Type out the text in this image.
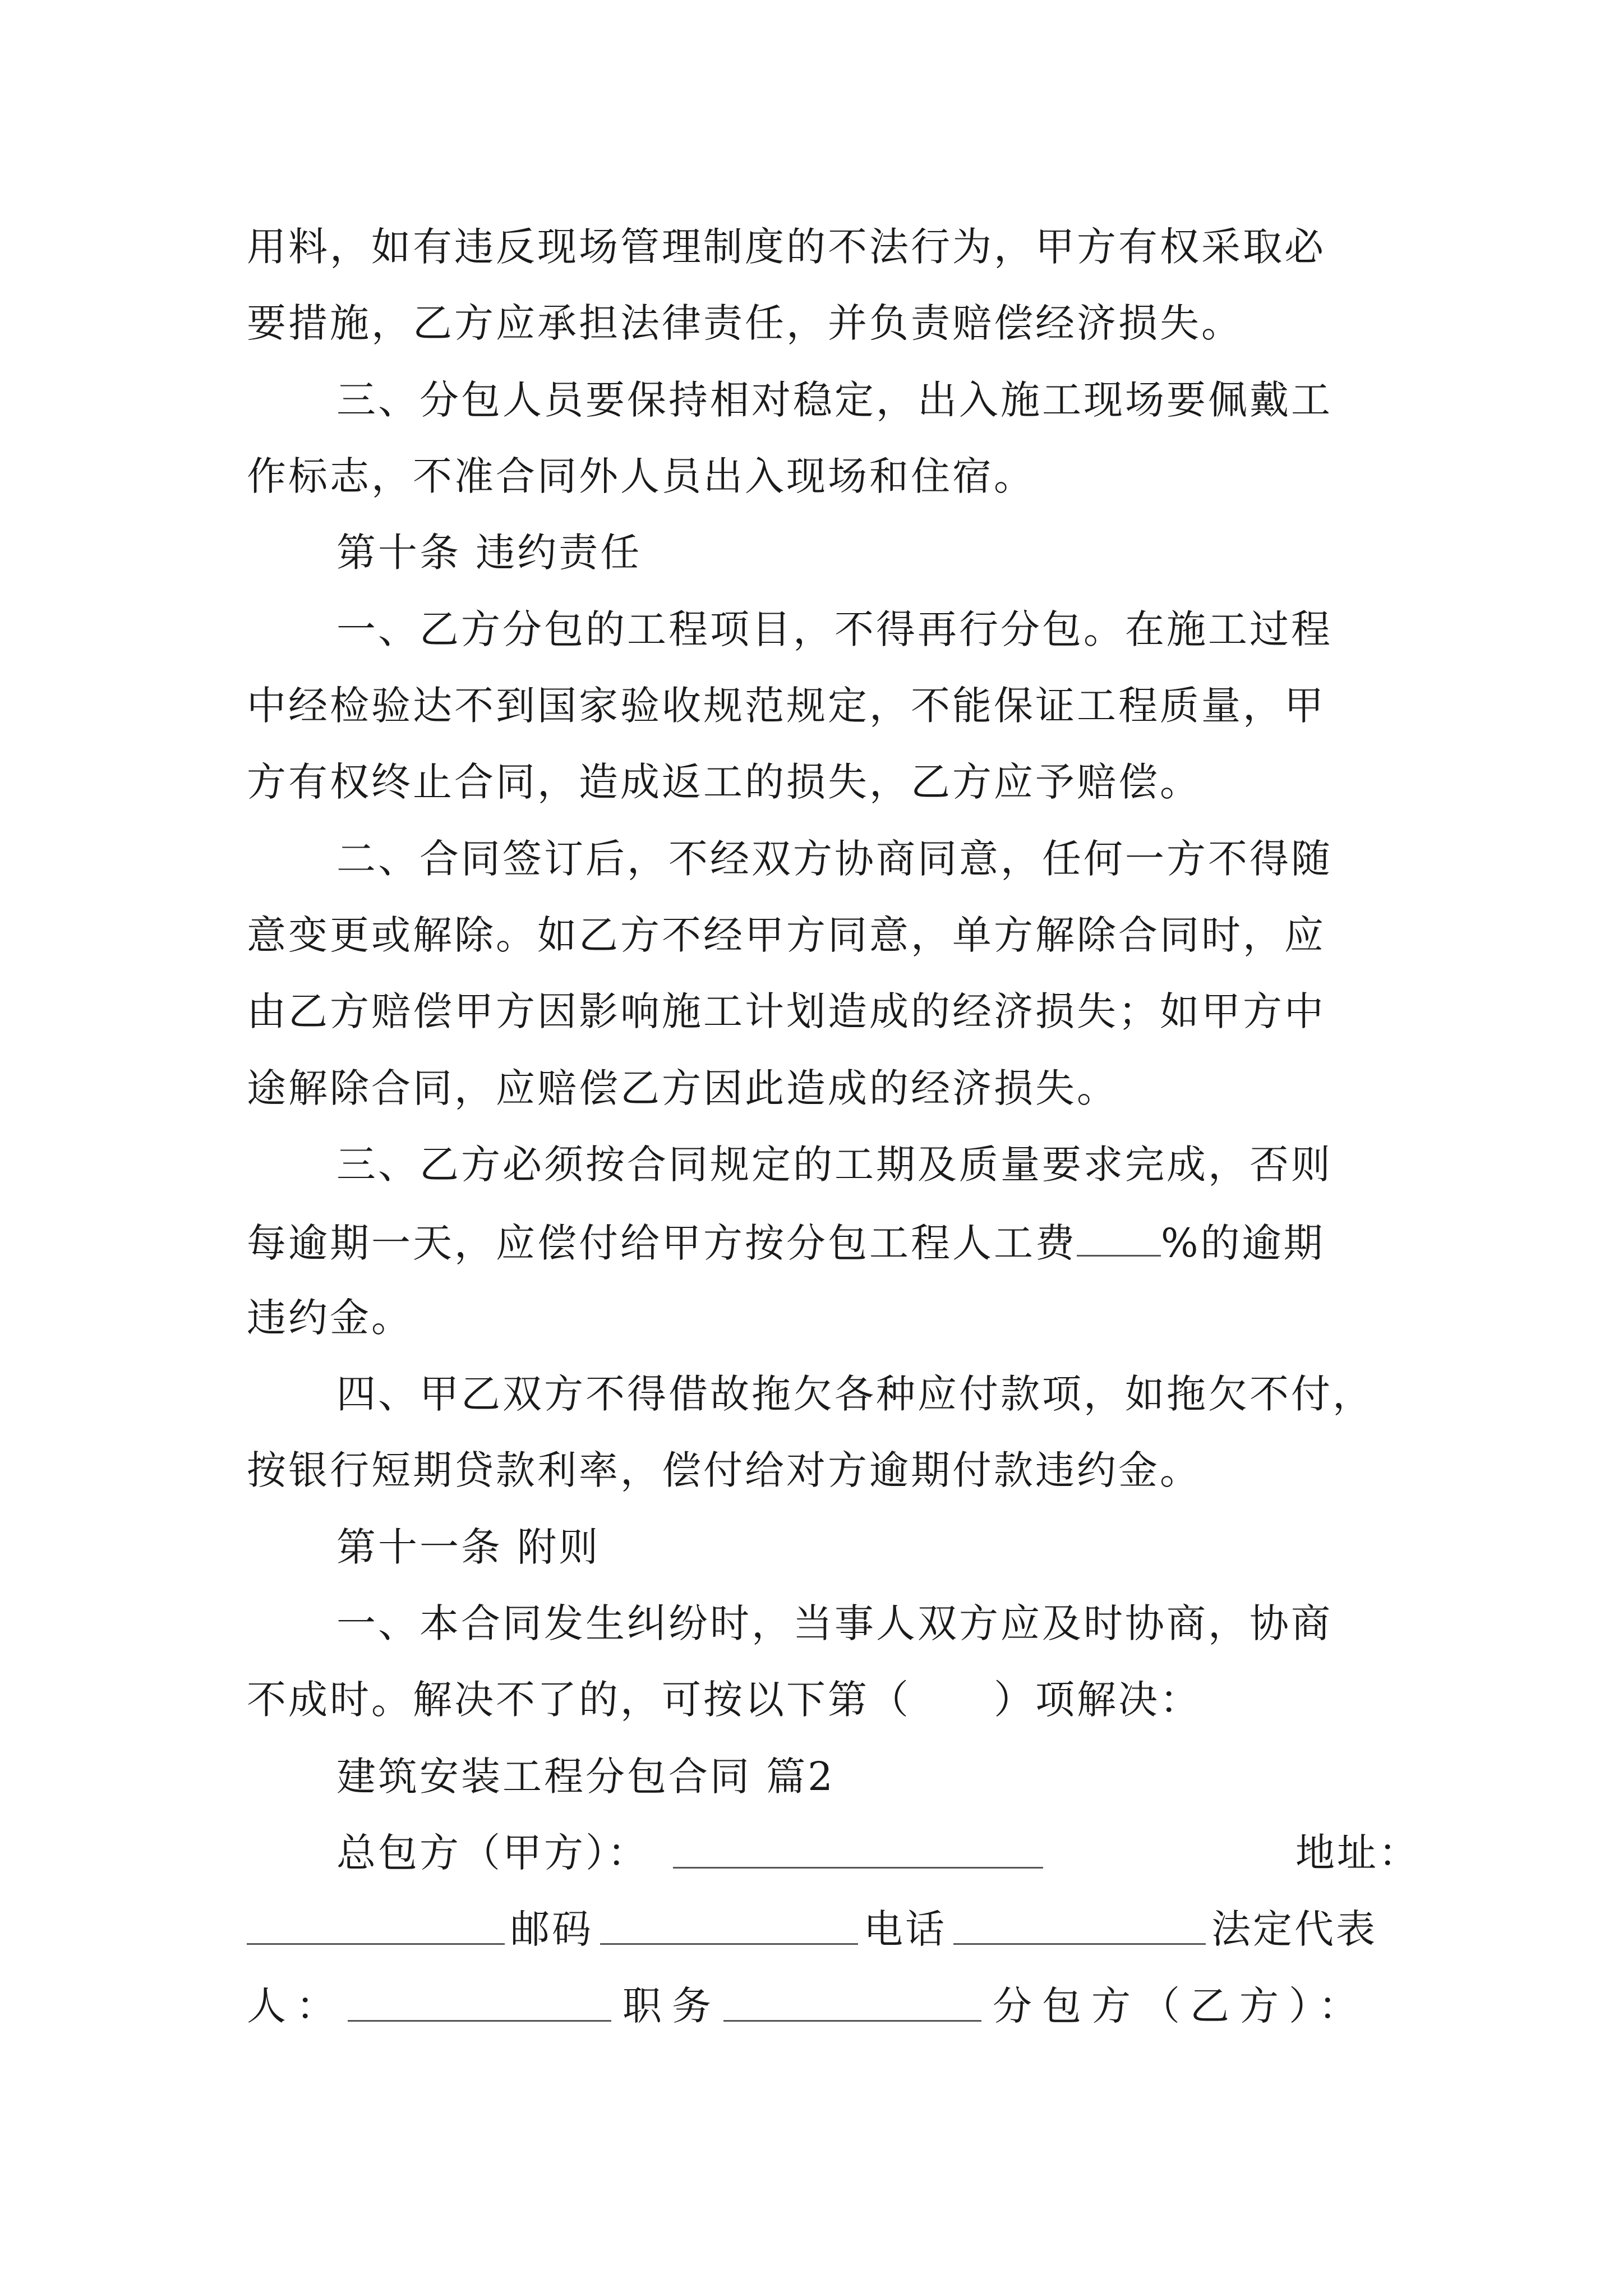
用料，如有违反现场管理制度的不法行为，甲方有权采取必
要措施，乙方应承担法律责任，并负责赔偿经济损失。
三、分包人员要保持相对稳定，出入施工现场要佩戴工
作标志，不准合同外人员出入现场和住宿。
第十条 违约责任
一、乙方分包的工程项目，不得再行分包。在施工过程
中经检验达不到国家验收规范规定，不能保证工程质量，甲
方有权终止合同，造成返工的损失，乙方应予赔偿。
二、合同签订后，不经双方协商同意，任何一方不得随
意变更或解除。如乙方不经甲方同意，单方解除合同时，应
由乙方赔偿甲方因影响施工计划造成的经济损失；如甲方中
途解除合同，应赔偿乙方因此造成的经济损失。
三、乙方必须按合同规定的工期及质量要求完成，否则
每逾期一天，应偿付给甲方按分包工程人工费 %的逾期
违约金。
四、甲乙双方不得借故拖欠各种应付款项，如拖欠不付，
按银行短期贷款利率，偿付给对方逾期付款违约金。
第十一条 附则
一、本合同发生纠纷时，当事人双方应及时协商，协商
不成时。解决不了的，可按以下第（　　）项解决：
建筑安装工程分包合同 篇2
总包方（甲方）：	地址：
邮码	电话	法定代表
人：	职务	分包方（乙方）：
